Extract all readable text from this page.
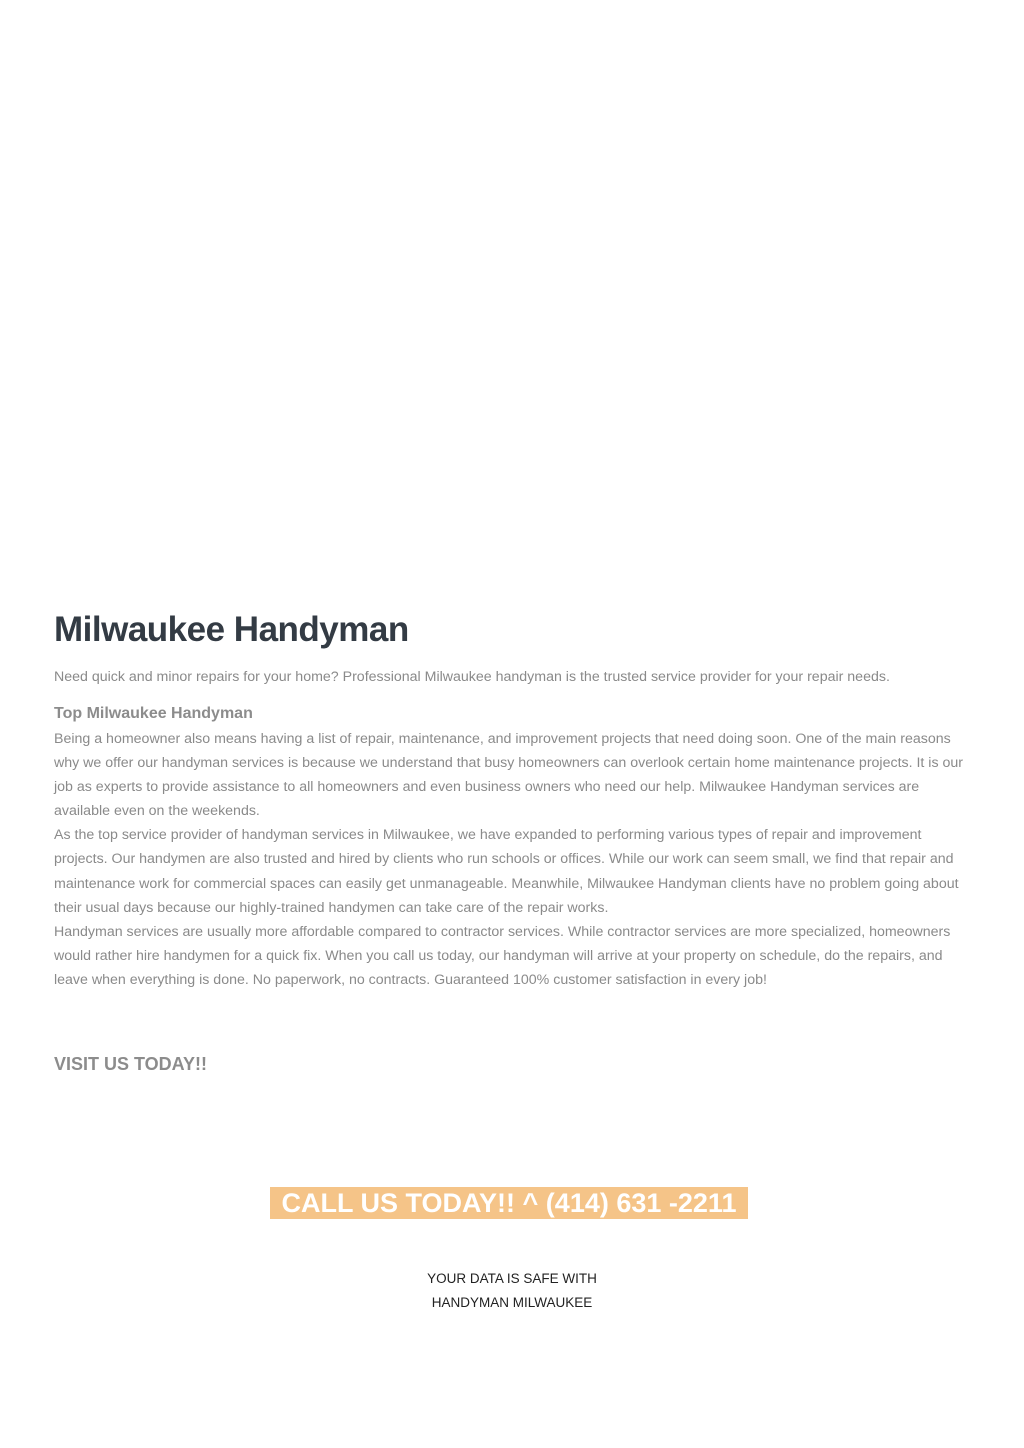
Milwaukee Handyman

Need quick and minor repairs for your home? Professional Milwaukee handyman is the trusted service provider for your repair needs.

Top Milwaukee Handyman

Being a homeowner also means having a list of repair, maintenance, and improvement projects that need doing soon. One of the main reasons why we offer our handyman services is because we understand that busy homeowners can overlook certain home maintenance projects. It is our job as experts to provide assistance to all homeowners and even business owners who need our help. Milwaukee Handyman services are available even on the weekends.

As the top service provider of handyman services in Milwaukee, we have expanded to performing various types of repair and improvement projects. Our handymen are also trusted and hired by clients who run schools or offices. While our work can seem small, we find that repair and maintenance work for commercial spaces can easily get unmanageable. Meanwhile, Milwaukee Handyman clients have no problem going about their usual days because our highly-trained handymen can take care of the repair works.

Handyman services are usually more affordable compared to contractor services. While contractor services are more specialized, homeowners would rather hire handymen for a quick fix. When you call us today, our handyman will arrive at your property on schedule, do the repairs, and leave when everything is done. No paperwork, no contracts. Guaranteed 100% customer satisfaction in every job!

VISIT US TODAY!!
CALL US TODAY!! ^ (414) 631 -2211
YOUR DATA IS SAFE WITH
HANDYMAN MILWAUKEE
